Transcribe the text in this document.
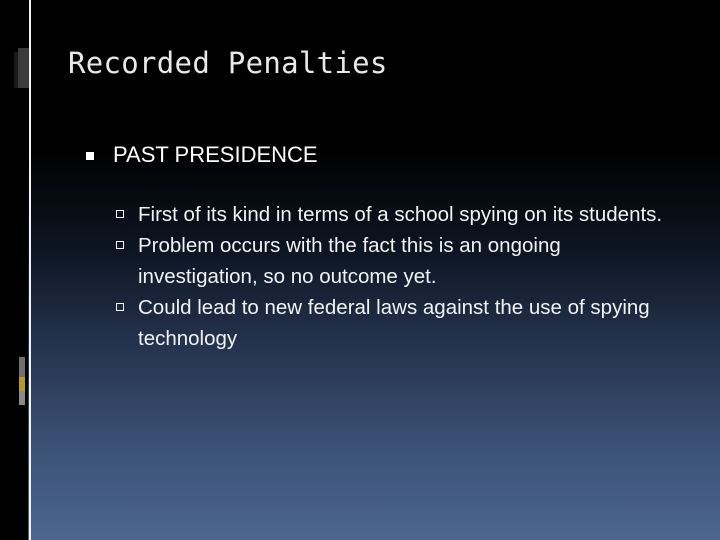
Recorded Penalties
PAST PRESIDENCE
First of its kind in terms of a school spying on its students.
Problem occurs with the fact this is an ongoing investigation, so no outcome yet.
Could lead to new federal laws against the use of spying technology
